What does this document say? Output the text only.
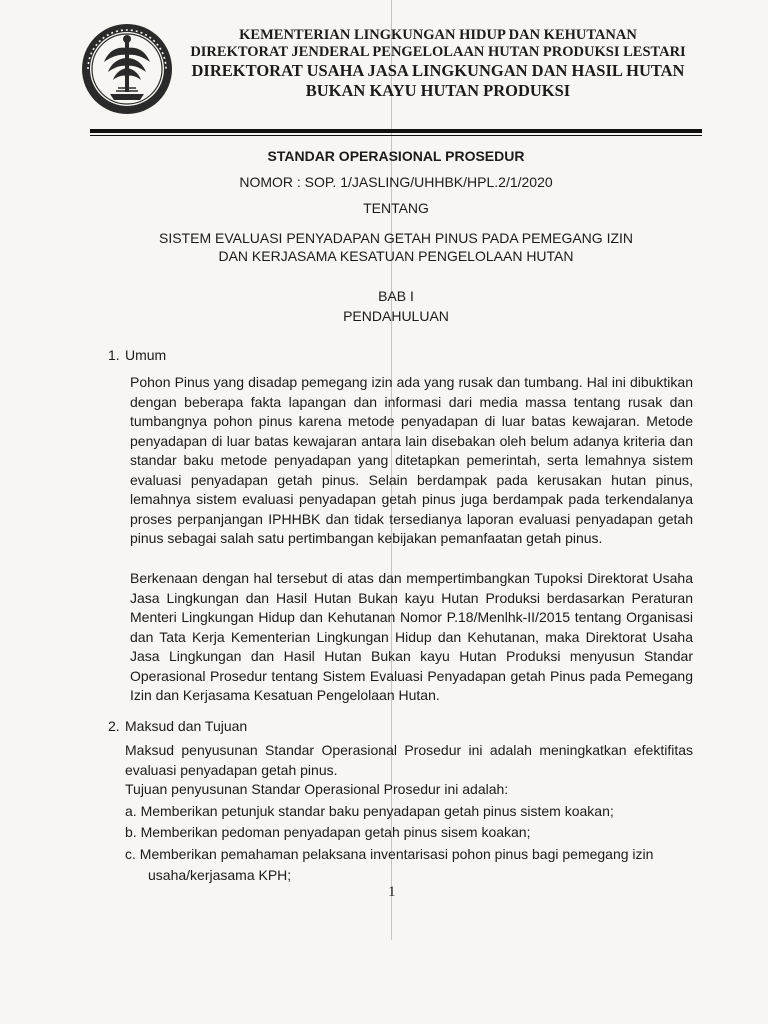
KEMENTERIAN LINGKUNGAN HIDUP DAN KEHUTANAN
DIREKTORAT JENDERAL PENGELOLAAN HUTAN PRODUKSI LESTARI
DIREKTORAT USAHA JASA LINGKUNGAN DAN HASIL HUTAN
BUKAN KAYU HUTAN PRODUKSI
STANDAR OPERASIONAL PROSEDUR
NOMOR : SOP. 1/JASLING/UHHBK/HPL.2/1/2020
TENTANG
SISTEM EVALUASI PENYADAPAN GETAH PINUS PADA PEMEGANG IZIN
DAN KERJASAMA KESATUAN PENGELOLAAN HUTAN
BAB I
PENDAHULUAN
1. Umum
Pohon Pinus yang disadap pemegang izin ada yang rusak dan tumbang. Hal ini dibuktikan dengan beberapa fakta lapangan dan informasi dari media massa tentang rusak dan tumbangnya pohon pinus karena metode penyadapan di luar batas kewajaran. Metode penyadapan di luar batas kewajaran antara lain disebakan oleh belum adanya kriteria dan standar baku metode penyadapan yang ditetapkan pemerintah, serta lemahnya sistem evaluasi penyadapan getah pinus. Selain berdampak pada kerusakan hutan pinus, lemahnya sistem evaluasi penyadapan getah pinus juga berdampak pada terkendalanya proses perpanjangan IPHHBK dan tidak tersedianya laporan evaluasi penyadapan getah pinus sebagai salah satu pertimbangan kebijakan pemanfaatan getah pinus.
Berkenaan dengan hal tersebut di atas dan mempertimbangkan Tupoksi Direktorat Usaha Jasa Lingkungan dan Hasil Hutan Bukan kayu Hutan Produksi berdasarkan Peraturan Menteri Lingkungan Hidup dan Kehutanan Nomor P.18/Menlhk-II/2015 tentang Organisasi dan Tata Kerja Kementerian Lingkungan Hidup dan Kehutanan, maka Direktorat Usaha Jasa Lingkungan dan Hasil Hutan Bukan kayu Hutan Produksi menyusun Standar Operasional Prosedur tentang Sistem Evaluasi Penyadapan getah Pinus pada Pemegang Izin dan Kerjasama Kesatuan Pengelolaan Hutan.
2. Maksud dan Tujuan
Maksud penyusunan Standar Operasional Prosedur ini adalah meningkatkan efektifitas evaluasi penyadapan getah pinus.
Tujuan penyusunan Standar Operasional Prosedur ini adalah:
a. Memberikan petunjuk standar baku penyadapan getah pinus sistem koakan;
b. Memberikan pedoman penyadapan getah pinus sisem koakan;
c. Memberikan pemahaman pelaksana inventarisasi pohon pinus bagi pemegang izin
usaha/kerjasama KPH;
1
